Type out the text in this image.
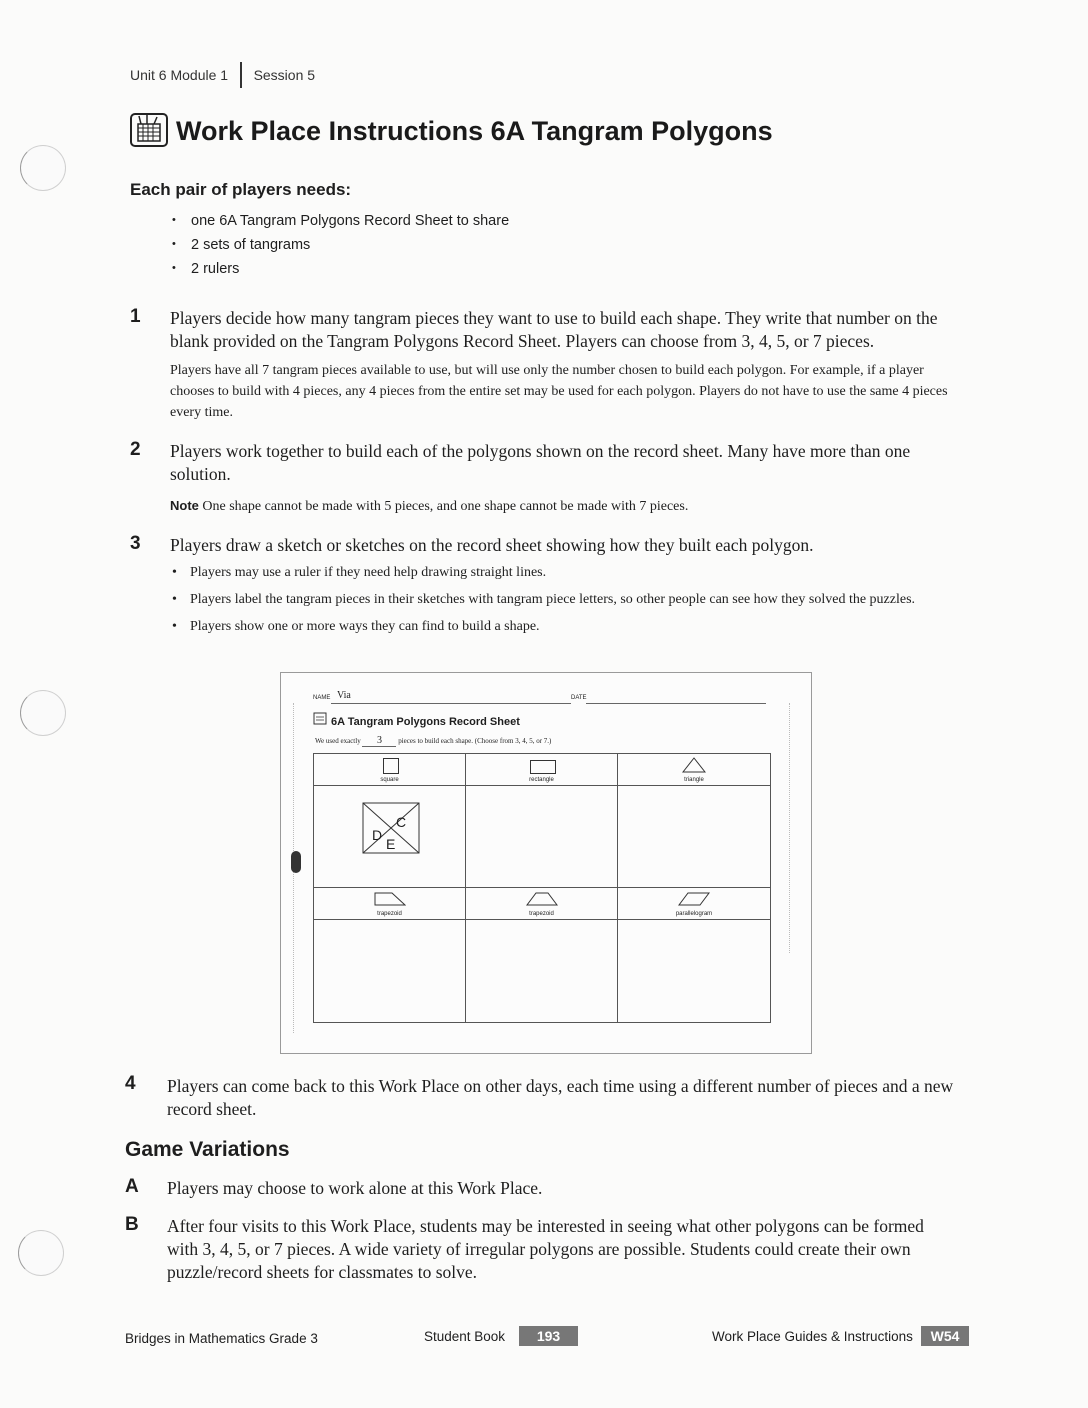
Unit 6 Module 1 Session 5
Work Place Instructions 6A Tangram Polygons
Each pair of players needs:
• one 6A Tangram Polygons Record Sheet to share
• 2 sets of tangrams
• 2 rulers
1 Players decide how many tangram pieces they want to use to build each shape. They write that number on the blank provided on the Tangram Polygons Record Sheet. Players can choose from 3, 4, 5, or 7 pieces.
Players have all 7 tangram pieces available to use, but will use only the number chosen to build each polygon. For example, if a player chooses to build with 4 pieces, any 4 pieces from the entire set may be used for each polygon. Players do not have to use the same 4 pieces every time.
2 Players work together to build each of the polygons shown on the record sheet. Many have more than one solution.
Note One shape cannot be made with 5 pieces, and one shape cannot be made with 7 pieces.
3 Players draw a sketch or sketches on the record sheet showing how they built each polygon.
• Players may use a ruler if they need help drawing straight lines.
• Players label the tangram pieces in their sketches with tangram piece letters, so other people can see how they solved the puzzles.
• Players show one or more ways they can find to build a shape.
NAME Via	DATE
6A Tangram Polygons Record Sheet
We used exactly 3 pieces to build each shape. (Choose from 3, 4, 5, or 7.)
square	rectangle	triangle
D
C
E
trapezoid	trapezoid	parallelogram
4 Players can come back to this Work Place on other days, each time using a different number of pieces and a new record sheet.
Game Variations
A Players may choose to work alone at this Work Place.
B After four visits to this Work Place, students may be interested in seeing what other polygons can be formed with 3, 4, 5, or 7 pieces. A wide variety of irregular polygons are possible. Students could create their own puzzle/record sheets for classmates to solve.
Bridges in Mathematics Grade 3	Student Book 193	Work Place Guides & Instructions W54
